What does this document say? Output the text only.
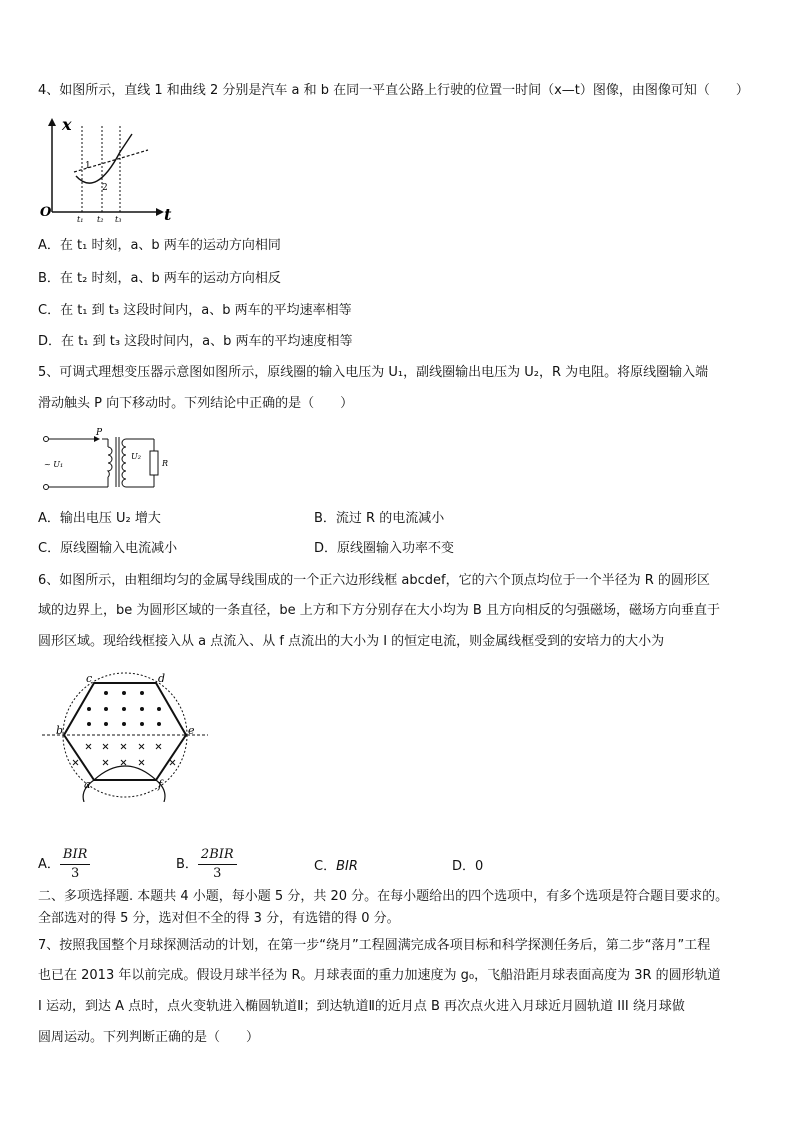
4、如图所示，直线 1 和曲线 2 分别是汽车 a 和 b 在同一平直公路上行驶的位置一时间（x—t）图像，由图像可知（　　）
x
t
O
1
2
t₁ t₂ t₃
A．在 t₁ 时刻，a、b 两车的运动方向相同
B．在 t₂ 时刻，a、b 两车的运动方向相反
C．在 t₁ 到 t₃ 这段时间内，a、b 两车的平均速率相等
D．在 t₁ 到 t₃ 这段时间内，a、b 两车的平均速度相等
5、可调式理想变压器示意图如图所示，原线圈的输入电压为 U₁，副线圈输出电压为 U₂，R 为电阻。将原线圈输入端
滑动触头 P 向下移动时。下列结论中正确的是（　　）
P
~ U₁
U₂
R
A．输出电压 U₂ 增大	B．流过 R 的电流减小
C．原线圈输入电流减小	D．原线圈输入功率不变
6、如图所示，由粗细均匀的金属导线围成的一个正六边形线框 abcdef，它的六个顶点均位于一个半径为 R 的圆形区
域的边界上，be 为圆形区域的一条直径，be 上方和下方分别存在大小均为 B 且方向相反的匀强磁场，磁场方向垂直于
圆形区域。现给线框接入从 a 点流入、从 f 点流出的大小为 I 的恒定电流，则金属线框受到的安培力的大小为
c	d
b	e
a	f
A． $\frac{\text{BIR}}{3}$	B． $\frac{\text{2BIR}}{3}$	C．BIR	D．0
二、多项选择题. 本题共 4 小题，每小题 5 分，共 20 分。在每小题给出的四个选项中，有多个选项是符合题目要求的。
全部选对的得 5 分，选对但不全的得 3 分，有选错的得 0 分。
7、按照我国整个月球探测活动的计划，在第一步“绕月”工程圆满完成各项目标和科学探测任务后，第二步“落月”工程
也已在 2013 年以前完成。假设月球半径为 R。月球表面的重力加速度为 g₀，飞船沿距月球表面高度为 3R 的圆形轨道
I 运动，到达 A 点时，点火变轨进入椭圆轨道Ⅱ；到达轨道Ⅱ的近月点 B 再次点火进入月球近月圆轨道 III 绕月球做
圆周运动。下列判断正确的是（　　）
